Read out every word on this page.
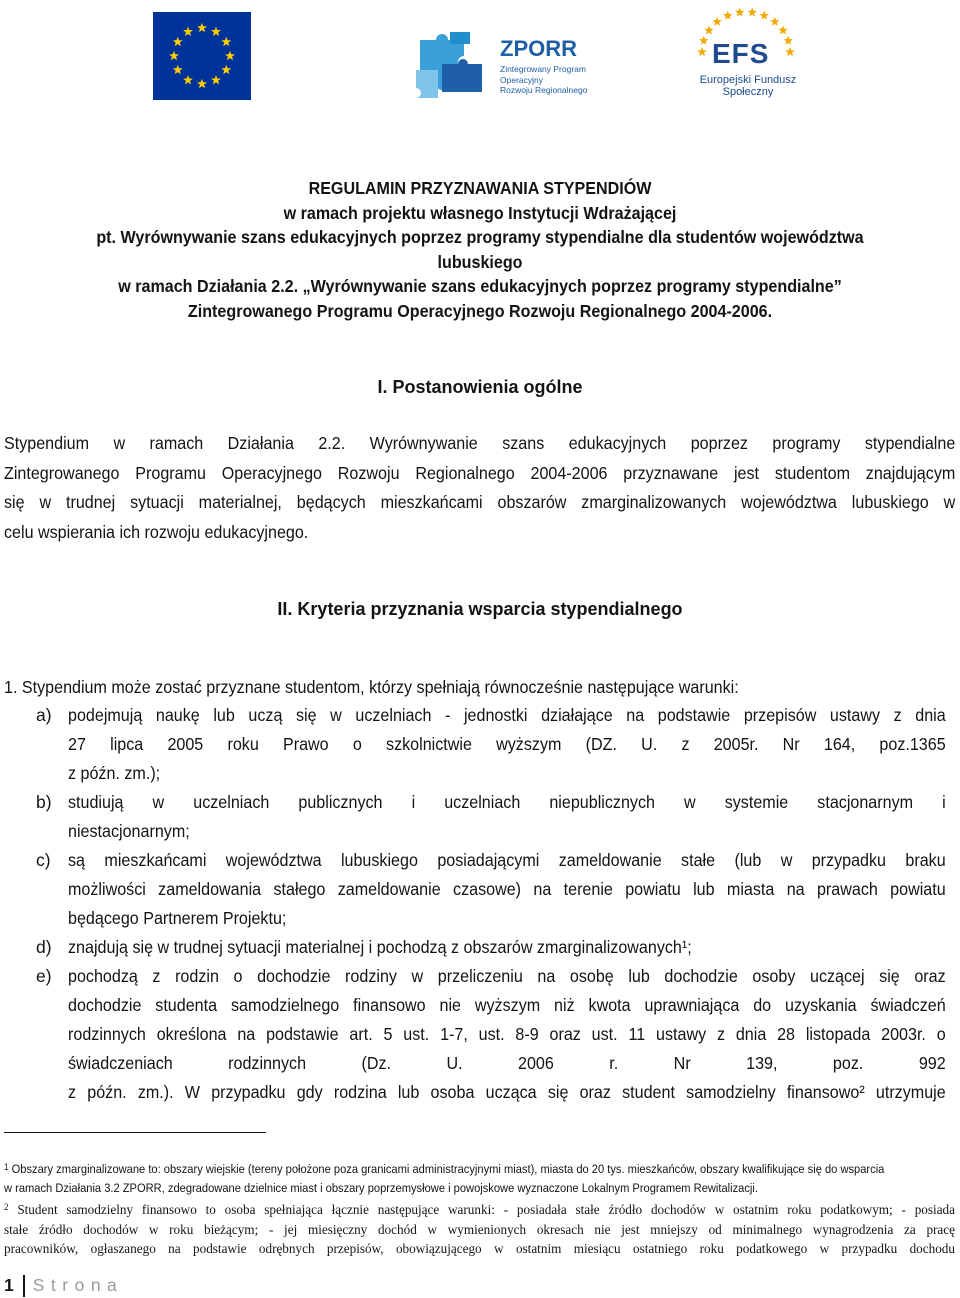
ZPORR
Zintegrowany Program
Operacyjny
Rozwoju Regionalnego
EFS
Europejski Fundusz Społeczny
REGULAMIN PRZYZNAWANIA STYPENDIÓW
w ramach projektu własnego Instytucji Wdrażającej
pt. Wyrównywanie szans edukacyjnych poprzez programy stypendialne dla studentów województwa
lubuskiego
w ramach Działania 2.2. „Wyrównywanie szans edukacyjnych poprzez programy stypendialne”
Zintegrowanego Programu Operacyjnego Rozwoju Regionalnego 2004-2006.
I. Postanowienia ogólne
Stypendium w ramach Działania 2.2. Wyrównywanie szans edukacyjnych poprzez programy stypendialne
Zintegrowanego Programu Operacyjnego Rozwoju Regionalnego 2004-2006 przyznawane jest studentom znajdującym
się w trudnej sytuacji materialnej, będących mieszkańcami obszarów zmarginalizowanych województwa lubuskiego w
celu wspierania ich rozwoju edukacyjnego.
II. Kryteria przyznania wsparcia stypendialnego
1. Stypendium może zostać przyznane studentom, którzy spełniają równocześnie następujące warunki:
a) podejmują naukę lub uczą się w uczelniach - jednostki działające na podstawie przepisów ustawy z dnia
27 lipca 2005 roku Prawo o szkolnictwie wyższym (DZ. U. z 2005r. Nr 164, poz.1365
z późn. zm.);
b) studiują w uczelniach publicznych i uczelniach niepublicznych w systemie stacjonarnym i
niestacjonarnym;
c) są mieszkańcami województwa lubuskiego posiadającymi zameldowanie stałe (lub w przypadku braku
możliwości zameldowania stałego zameldowanie czasowe) na terenie powiatu lub miasta na prawach powiatu
będącego Partnerem Projektu;
d) znajdują się w trudnej sytuacji materialnej i pochodzą z obszarów zmarginalizowanych¹;
e) pochodzą z rodzin o dochodzie rodziny w przeliczeniu na osobę lub dochodzie osoby uczącej się oraz
dochodzie studenta samodzielnego finansowo nie wyższym niż kwota uprawniająca do uzyskania świadczeń
rodzinnych określona na podstawie art. 5 ust. 1-7, ust. 8-9 oraz ust. 11 ustawy z dnia 28 listopada 2003r. o
świadczeniach rodzinnych (Dz. U. 2006 r. Nr 139, poz. 992
z późn. zm.). W przypadku gdy rodzina lub osoba ucząca się oraz student samodzielny finansowo² utrzymuje
$^1$ Obszary zmarginalizowane to: obszary wiejskie (tereny położone poza granicami administracyjnymi miast), miasta do 20 tys. mieszkańców, obszary kwalifikujące się do wsparcia
w ramach Działania 3.2 ZPORR, zdegradowane dzielnice miast i obszary poprzemysłowe i powojskowe wyznaczone Lokalnym Programem Rewitalizacji.
$^2$ Student samodzielny finansowo to osoba spełniająca łącznie następujące warunki: - posiadała stałe źródło dochodów w ostatnim roku podatkowym; - posiada
stałe źródło dochodów w roku bieżącym; - jej miesięczny dochód w wymienionych okresach nie jest mniejszy od minimalnego wynagrodzenia za pracę
pracowników, ogłaszanego na podstawie odrębnych przepisów, obowiązującego w ostatnim miesiącu ostatniego roku podatkowego w przypadku dochodu
1 Strona
